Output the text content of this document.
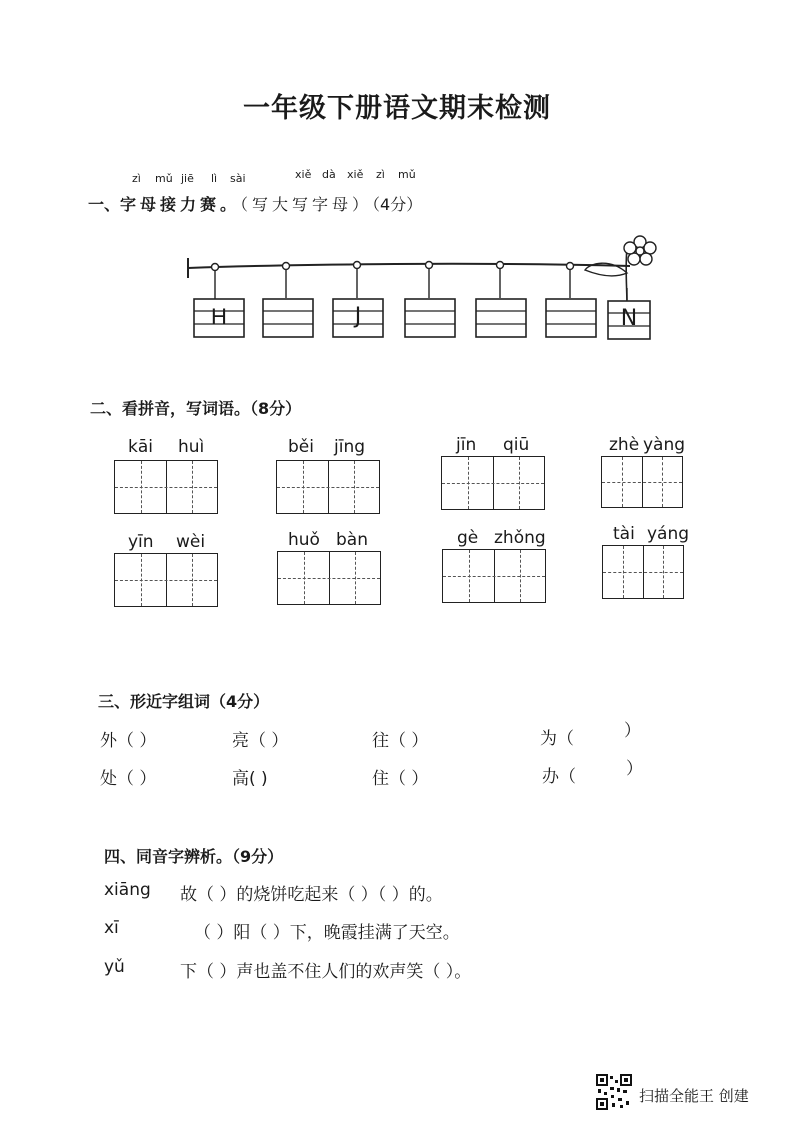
一年级下册语文期末检测
zì mǔ jiē lì sài	xiě dà xiě zì mǔ
一、字母接力赛。（写大写字母）（4分）
H	J	N
二、看拼音，写词语。（8分）
kāi huì	běi jīng	jīn qiū	zhè yàng
yīn wèi	huǒ bàn	gè zhǒng	tài yáng
三、形近字组词（4分）
外（ ）	亮（ ）	往（ ）	为（	）
处（ ）	高( )	住（ ）	办（	）
四、同音字辨析。（9分）
xiāng 故（ ）的烧饼吃起来（ ）（ ）的。
xī	（ ）阳（ ）下，晚霞挂满了天空。
yǔ	下（ ）声也盖不住人们的欢声笑（ ）。
扫描全能王 创建
